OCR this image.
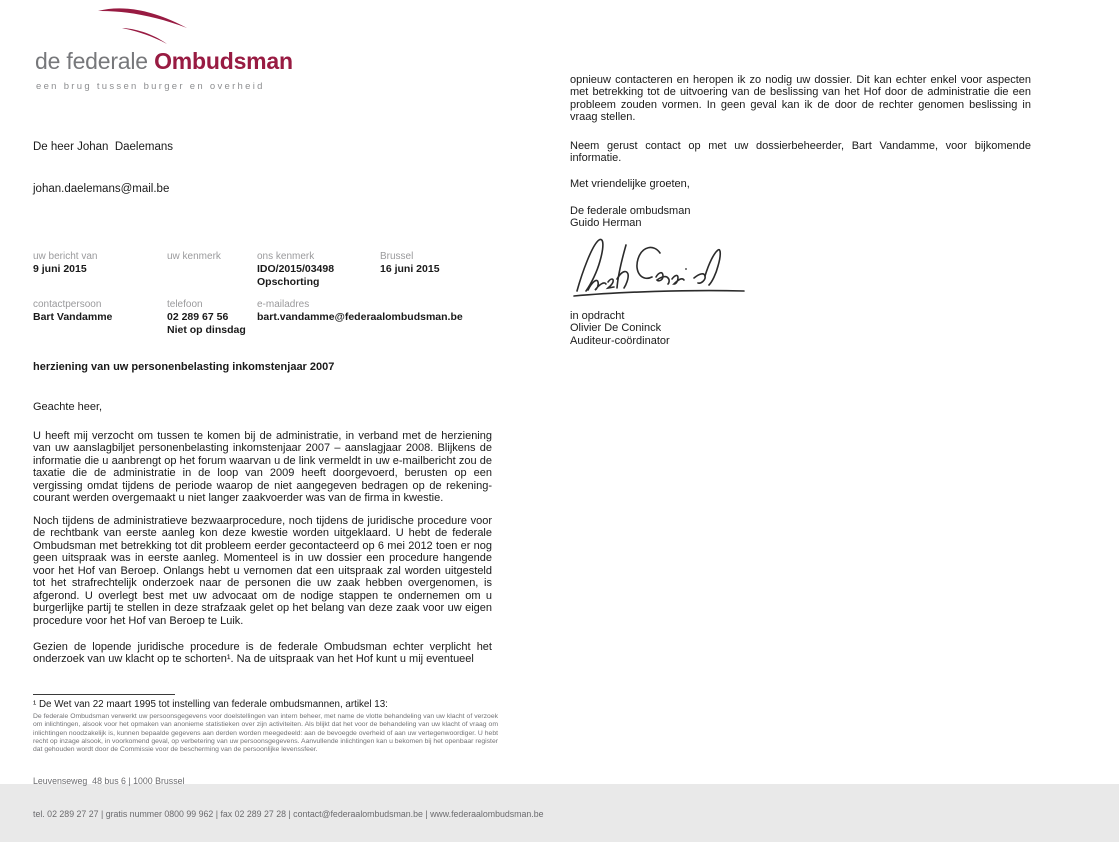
de federale Ombudsman
een brug tussen burger en overheid

De heer Johan  Daelemans

johan.daelemans@mail.be

uw bericht van
9 juni 2015
uw kenmerk	ons kenmerk
IDO/2015/03498
Opschorting
Brussel
16 juni 2015
contactpersoon
Bart Vandamme
telefoon
02 289 67 56
Niet op dinsdag
e-mailadres
bart.vandamme@federaalombudsman.be
herziening van uw personenbelasting inkomstenjaar 2007
Geachte heer,
U heeft mij verzocht om tussen te komen bij de administratie, in verband met de herziening van uw aanslagbiljet personenbelasting inkomstenjaar 2007 – aanslagjaar 2008. Blijkens de informatie die u aanbrengt op het forum waarvan u de link vermeldt in uw e-mailbericht zou de taxatie die de administratie in de loop van 2009 heeft doorgevoerd, berusten op een vergissing omdat tijdens de periode waarop de niet aangegeven bedragen op de rekening-courant werden overgemaakt u niet langer zaakvoerder was van de firma in kwestie.
Noch tijdens de administratieve bezwaarprocedure, noch tijdens de juridische procedure voor de rechtbank van eerste aanleg kon deze kwestie worden uitgeklaard. U hebt de federale Ombudsman met betrekking tot dit probleem eerder gecontacteerd op 6 mei 2012 toen er nog geen uitspraak was in eerste aanleg. Momenteel is in uw dossier een procedure hangende voor het Hof van Beroep. Onlangs hebt u vernomen dat een uitspraak zal worden uitgesteld tot het strafrechtelijk onderzoek naar de personen die uw zaak hebben overgenomen, is afgerond. U overlegt best met uw advocaat om de nodige stappen te ondernemen om u burgerlijke partij te stellen in deze strafzaak gelet op het belang van deze zaak voor uw eigen procedure voor het Hof van Beroep te Luik.
Gezien de lopende juridische procedure is de federale Ombudsman echter verplicht het onderzoek van uw klacht op te schorten¹. Na de uitspraak van het Hof kunt u mij eventueel
¹ De Wet van 22 maart 1995 tot instelling van federale ombudsmannen, artikel 13:
De federale Ombudsman verwerkt uw persoonsgegevens voor doelstellingen van intern beheer, met name de vlotte behandeling van uw klacht of verzoek om inlichtingen, alsook voor het opmaken van anonieme statistieken over zijn activiteiten. Als blijkt dat het voor de behandeling van uw klacht of vraag om inlichtingen noodzakelijk is, kunnen bepaalde gegevens aan derden worden meegedeeld: aan de bevoegde overheid of aan uw vertegenwoordiger. U hebt recht op inzage alsook, in voorkomend geval, op verbetering van uw persoonsgegevens. Aanvullende inlichtingen kan u bekomen bij het openbaar register dat gehouden wordt door de Commissie voor de bescherming van de persoonlijke levenssfeer.

Leuvenseweg  48 bus 6 | 1000 Brussel

tel. 02 289 27 27 | gratis nummer 0800 99 962 | fax 02 289 27 28 | contact@federaalombudsman.be | www.federaalombudsman.be

opnieuw contacteren en heropen ik zo nodig uw dossier. Dit kan echter enkel voor aspecten met betrekking tot de uitvoering van de beslissing van het Hof door de administratie die een probleem zouden vormen. In geen geval kan ik de door de rechter genomen beslissing in vraag stellen.
Neem gerust contact op met uw dossierbeheerder, Bart Vandamme, voor bijkomende informatie.
Met vriendelijke groeten,
De federale ombudsman
Guido Herman
in opdracht
Olivier De Coninck
Auditeur-coördinator
